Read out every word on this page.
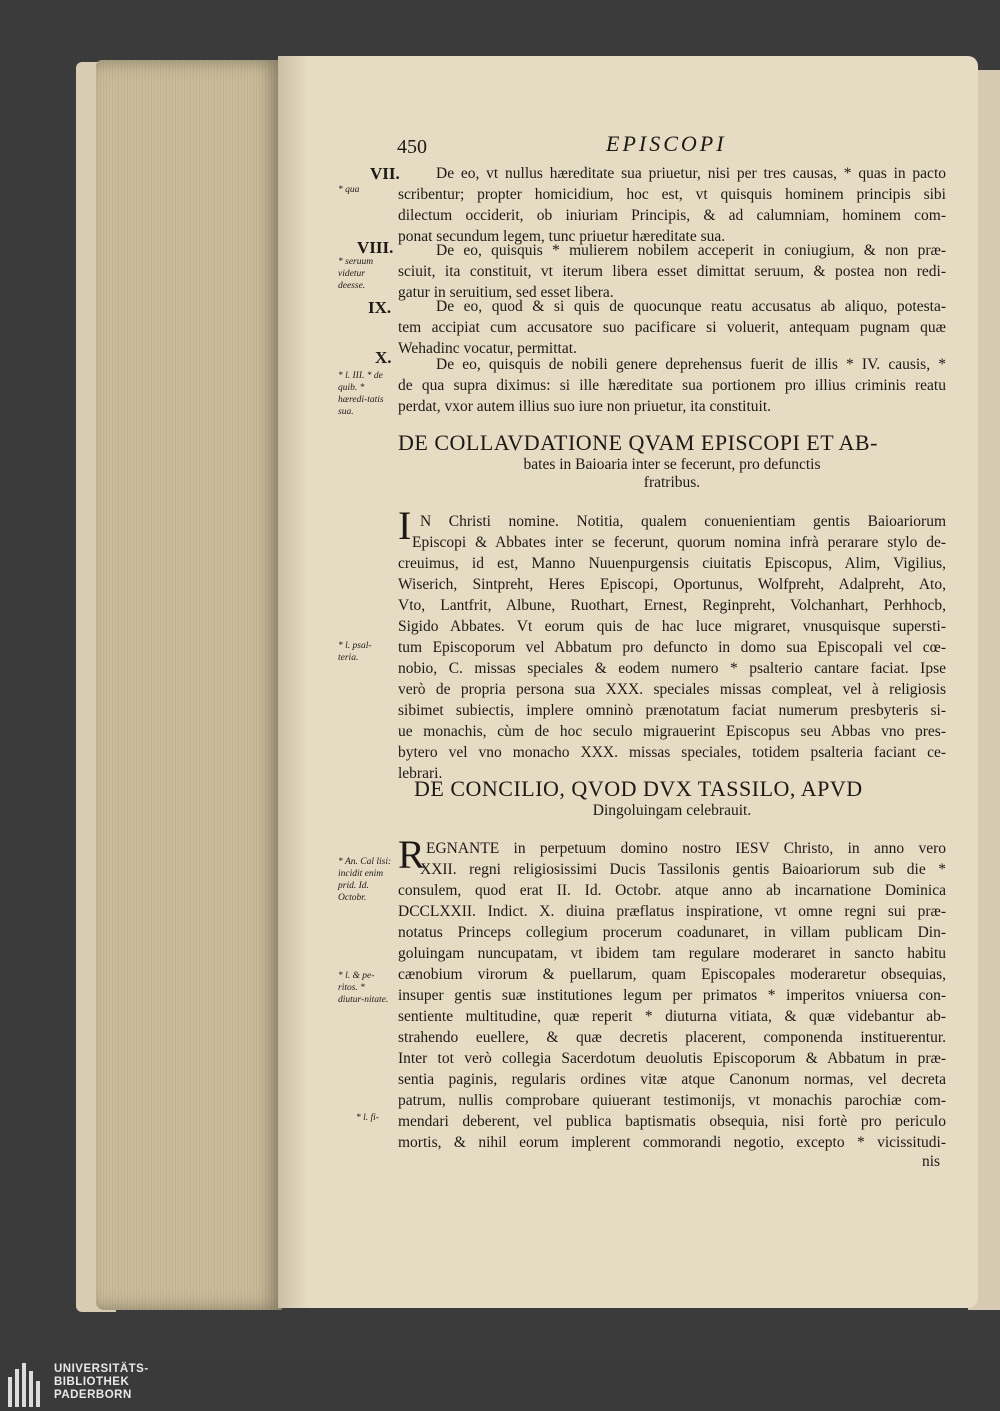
450	EPISCOPI
VII.	De eo, vt nullus hæreditate sua priuetur, nisi per tres causas, * quas in pacto
scribentur; propter homicidium, hoc est, vt quisquis hominem principis sibi
dilectum occiderit, ob iniuriam Principis, & ad calumniam, hominem com-
ponat secundum legem, tunc priuetur hæreditate sua.
VIII.	De eo, quisquis * mulierem nobilem acceperit in coniugium, & non præ-
sciuit, ita constituit, vt iterum libera esset dimittat seruum, & postea non redi-
gatur in seruitium, sed esset libera.
IX.	De eo, quod & si quis de quocunque reatu accusatus ab aliquo, potesta-
tem accipiat cum accusatore suo pacificare si voluerit, antequam pugnam quæ
Wehadinc vocatur, permittat.
X.	De eo, quisquis de nobili genere deprehensus fuerit de illis * IV. causis, *
de qua supra diximus: si ille hæreditate sua portionem pro illius criminis reatu
perdat, vxor autem illius suo iure non priuetur, ita constituit.
* qua
* seruum videtur deesse.
* l. III. * de quib. * hæredi-tatis sua.
* l. psal-teria.
* An. Cal lisi: incidit enim prid. Id. Octobr.
* l. & pe-ritos. * diutur-nitate.
* l. fi-
DE COLLAVDATIONE QVAM EPISCOPI ET AB-
bates in Baioaria inter se fecerunt, pro defunctis
fratribus.
I N Christi nomine. Notitia, qualem conuenientiam gentis Baioariorum
Episcopi & Abbates inter se fecerunt, quorum nomina infrà perarare stylo de-
creuimus, id est, Manno Nuuenpurgensis ciuitatis Episcopus, Alim, Vigilius,
Wiserich, Sintpreht, Heres Episcopi, Oportunus, Wolfpreht, Adalpreht, Ato,
Vto, Lantfrit, Albune, Ruothart, Ernest, Reginpreht, Volchanhart, Perhhocb,
Sigido Abbates. Vt eorum quis de hac luce migraret, vnusquisque supersti-
tum Episcoporum vel Abbatum pro defuncto in domo sua Episcopali vel cœ-
nobio, C. missas speciales & eodem numero * psalterio cantare faciat. Ipse
verò de propria persona sua XXX. speciales missas compleat, vel à religiosis
sibimet subiectis, implere omninò prænotatum faciat numerum presbyteris si-
ue monachis, cùm de hoc seculo migrauerint Episcopus seu Abbas vno pres-
bytero vel vno monacho XXX. missas speciales, totidem psalteria faciant ce-
lebrari.
DE CONCILIO, QVOD DVX TASSILO, APVD
Dingoluingam celebrauit.
R EGNANTE in perpetuum domino nostro IESV Christo, in anno vero
XXII. regni religiosissimi Ducis Tassilonis gentis Baioariorum sub die *
consulem, quod erat II. Id. Octobr. atque anno ab incarnatione Dominica
DCCLXXII. Indict. X. diuina præflatus inspiratione, vt omne regni sui præ-
notatus Princeps collegium procerum coadunaret, in villam publicam Din-
goluingam nuncupatam, vt ibidem tam regulare moderaret in sancto habitu
cænobium virorum & puellarum, quam Episcopales moderaretur obsequias,
insuper gentis suæ institutiones legum per primatos * imperitos vniuersa con-
sentiente multitudine, quæ reperit * diuturna vitiata, & quæ videbantur ab-
strahendo euellere, & quæ decretis placerent, componenda instituerentur.
Inter tot verò collegia Sacerdotum deuolutis Episcoporum & Abbatum in præ-
sentia paginis, regularis ordines vitæ atque Canonum normas, vel decreta
patrum, nullis comprobare quiuerant testimonijs, vt monachis parochiæ com-
mendari deberent, vel publica baptismatis obsequia, nisi fortè pro periculo
mortis, & nihil eorum implerent commorandi negotio, excepto * vicissitudi-
nis
UNIVERSITÄTS-
BIBLIOTHEK
PADERBORN
